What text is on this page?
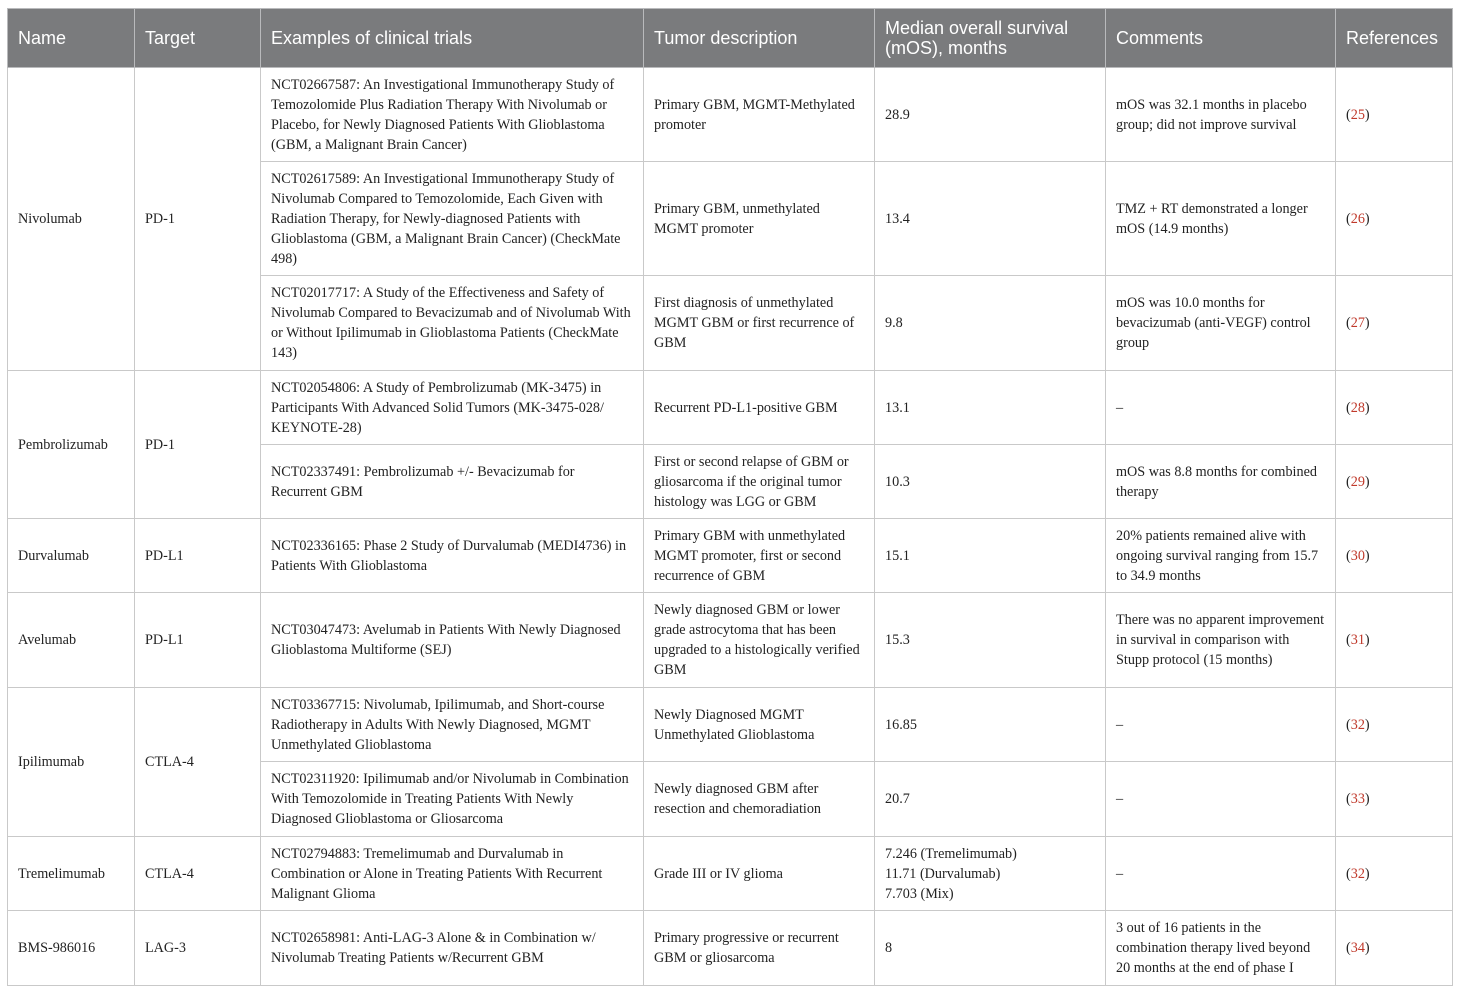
Name	Target	Examples of clinical trials	Tumor description	Median overall survival (mOS), months	Comments	References
Nivolumab	PD-1	NCT02667587: An Investigational Immunotherapy Study of Temozolomide Plus Radiation Therapy With Nivolumab or Placebo, for Newly Diagnosed Patients With Glioblastoma (GBM, a Malignant Brain Cancer)	Primary GBM, MGMT-Methylated promoter	28.9	mOS was 32.1 months in placebo group; did not improve survival	(25)
		NCT02617589: An Investigational Immunotherapy Study of Nivolumab Compared to Temozolomide, Each Given with Radiation Therapy, for Newly-diagnosed Patients with Glioblastoma (GBM, a Malignant Brain Cancer) (CheckMate 498)	Primary GBM, unmethylated MGMT promoter	13.4	TMZ + RT demonstrated a longer mOS (14.9 months)	(26)
		NCT02017717: A Study of the Effectiveness and Safety of Nivolumab Compared to Bevacizumab and of Nivolumab With or Without Ipilimumab in Glioblastoma Patients (CheckMate 143)	First diagnosis of unmethylated MGMT GBM or first recurrence of GBM	9.8	mOS was 10.0 months for bevacizumab (anti-VEGF) control group	(27)
Pembrolizumab	PD-1	NCT02054806: A Study of Pembrolizumab (MK-3475) in Participants With Advanced Solid Tumors (MK-3475-028/ KEYNOTE-28)	Recurrent PD-L1-positive GBM	13.1	–	(28)
		NCT02337491: Pembrolizumab +/- Bevacizumab for Recurrent GBM	First or second relapse of GBM or gliosarcoma if the original tumor histology was LGG or GBM	10.3	mOS was 8.8 months for combined therapy	(29)
Durvalumab	PD-L1	NCT02336165: Phase 2 Study of Durvalumab (MEDI4736) in Patients With Glioblastoma	Primary GBM with unmethylated MGMT promoter, first or second recurrence of GBM	15.1	20% patients remained alive with ongoing survival ranging from 15.7 to 34.9 months	(30)
Avelumab	PD-L1	NCT03047473: Avelumab in Patients With Newly Diagnosed Glioblastoma Multiforme (SEJ)	Newly diagnosed GBM or lower grade astrocytoma that has been upgraded to a histologically verified GBM	15.3	There was no apparent improvement in survival in comparison with Stupp protocol (15 months)	(31)
Ipilimumab	CTLA-4	NCT03367715: Nivolumab, Ipilimumab, and Short-course Radiotherapy in Adults With Newly Diagnosed, MGMT Unmethylated Glioblastoma	Newly Diagnosed MGMT Unmethylated Glioblastoma	16.85	–	(32)
		NCT02311920: Ipilimumab and/or Nivolumab in Combination With Temozolomide in Treating Patients With Newly Diagnosed Glioblastoma or Gliosarcoma	Newly diagnosed GBM after resection and chemoradiation	20.7	–	(33)
Tremelimumab	CTLA-4	NCT02794883: Tremelimumab and Durvalumab in Combination or Alone in Treating Patients With Recurrent Malignant Glioma	Grade III or IV glioma	7.246 (Tremelimumab)
11.71 (Durvalumab)
7.703 (Mix)	–	(32)
BMS-986016	LAG-3	NCT02658981: Anti-LAG-3 Alone & in Combination w/ Nivolumab Treating Patients w/Recurrent GBM	Primary progressive or recurrent GBM or gliosarcoma	8	3 out of 16 patients in the combination therapy lived beyond 20 months at the end of phase I	(34)
